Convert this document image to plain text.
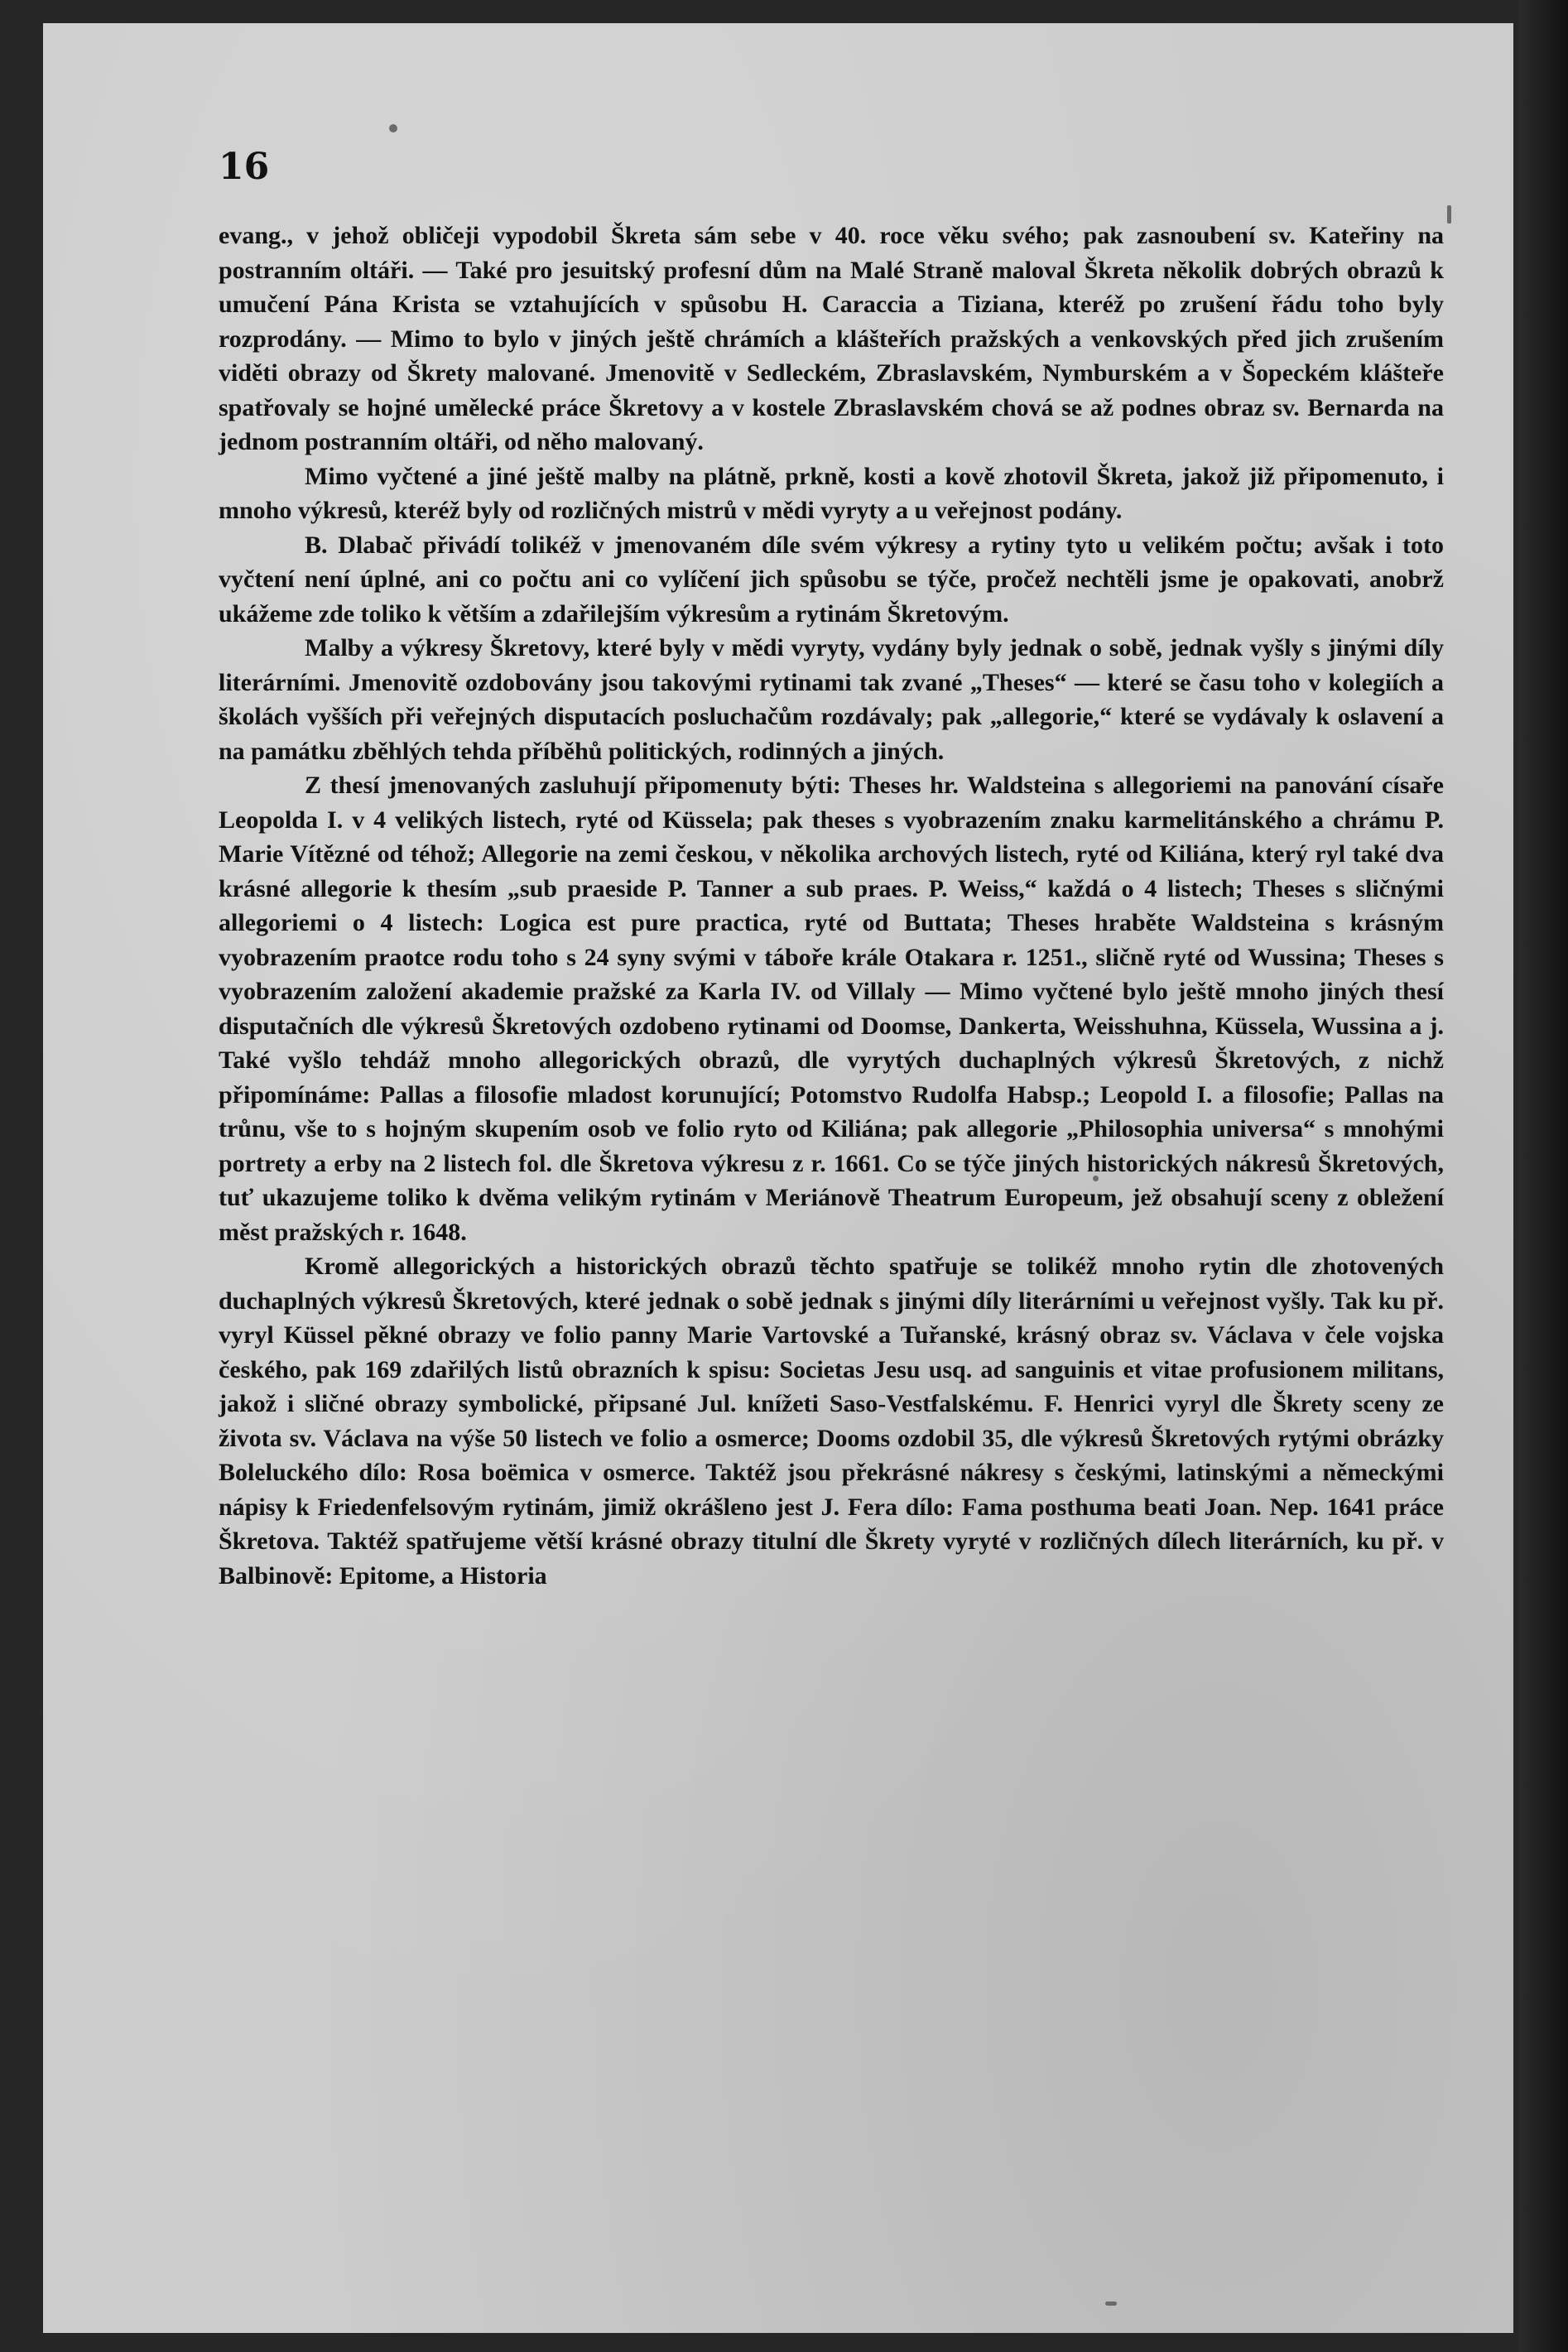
16

evang., v jehož obličeji vypodobil Škreta sám sebe v 40. roce věku svého; pak zasnoubení sv. Kateřiny na postranním oltáři. — Také pro jesuitský profesní dům na Malé Straně maloval Škreta několik dobrých obrazů k umučení Pána Krista se vztahujících v spůsobu H. Caraccia a Tiziana, kteréž po zrušení řádu toho byly rozprodány. — Mimo to bylo v jiných ještě chrámích a klášteřích pražských a venkovských před jich zrušením viděti obrazy od Škrety malované. Jmenovitě v Sedleckém, Zbraslavském, Nymburském a v Šopeckém klášteře spatřovaly se hojné umělecké práce Škretovy a v kostele Zbraslavském chová se až podnes obraz sv. Bernarda na jednom postranním oltáři, od něho malovaný.

Mimo vyčtené a jiné ještě malby na plátně, prkně, kosti a kově zhotovil Škreta, jakož již připomenuto, i mnoho výkresů, kteréž byly od rozličných mistrů v mědi vyryty a u veřejnost podány.

B. Dlabač přivádí tolikéž v jmenovaném díle svém výkresy a rytiny tyto u velikém počtu; avšak i toto vyčtení není úplné, ani co počtu ani co vylíčení jich spůsobu se týče, pročež nechtěli jsme je opakovati, anobrž ukážeme zde toliko k větším a zdařilejším výkresům a rytinám Škretovým.

Malby a výkresy Škretovy, které byly v mědi vyryty, vydány byly jednak o sobě, jednak vyšly s jinými díly literárními. Jmenovitě ozdobovány jsou takovými rytinami tak zvané „Theses“ — které se času toho v kolegiích a školách vyšších při veřejných disputacích posluchačům rozdávaly; pak „allegorie,“ které se vydávaly k oslavení a na památku zběhlých tehda příběhů politických, rodinných a jiných.

Z thesí jmenovaných zasluhují připomenuty býti: Theses hr. Waldsteina s allegoriemi na panování císaře Leopolda I. v 4 velikých listech, ryté od Küssela; pak theses s vyobrazením znaku karmelitánského a chrámu P. Marie Vítězné od téhož; Allegorie na zemi českou, v několika archových listech, ryté od Kiliána, který ryl také dva krásné allegorie k thesím „sub praeside P. Tanner a sub praes. P. Weiss,“ každá o 4 listech; Theses s sličnými allegoriemi o 4 listech: Logica est pure practica, ryté od Buttata; Theses hraběte Waldsteina s krásným vyobrazením praotce rodu toho s 24 syny svými v táboře krále Otakara r. 1251., sličně ryté od Wussina; Theses s vyobrazením založení akademie pražské za Karla IV. od Villaly — Mimo vyčtené bylo ještě mnoho jiných thesí disputačních dle výkresů Škretových ozdobeno rytinami od Doomse, Dankerta, Weisshuhna, Küssela, Wussina a j. Také vyšlo tehdáž mnoho allegorických obrazů, dle vyrytých duchaplných výkresů Škretových, z nichž připomínáme: Pallas a filosofie mladost korunující; Potomstvo Rudolfa Habsp.; Leopold I. a filosofie; Pallas na trůnu, vše to s hojným skupením osob ve folio ryto od Kiliána; pak allegorie „Philosophia universa“ s mnohými portrety a erby na 2 listech fol. dle Škretova výkresu z r. 1661. Co se týče jiných historických nákresů Škretových, tuť ukazujeme toliko k dvěma velikým rytinám v Meriánově Theatrum Europeum, jež obsahují sceny z obležení měst pražských r. 1648.

Kromě allegorických a historických obrazů těchto spatřuje se tolikéž mnoho rytin dle zhotovených duchaplných výkresů Škretových, které jednak o sobě jednak s jinými díly literárními u veřejnost vyšly. Tak ku př. vyryl Küssel pěkné obrazy ve folio panny Marie Vartovské a Tuřanské, krásný obraz sv. Václava v čele vojska českého, pak 169 zdařilých listů obrazních k spisu: Societas Jesu usq. ad sanguinis et vitae profusionem militans, jakož i sličné obrazy symbolické, připsané Jul. knížeti Saso-Vestfalskému. F. Henrici vyryl dle Škrety sceny ze života sv. Václava na výše 50 listech ve folio a osmerce; Dooms ozdobil 35, dle výkresů Škretových rytými obrázky Boleluckého dílo: Rosa boëmica v osmerce. Taktéž jsou překrásné nákresy s českými, latinskými a německými nápisy k Friedenfelsovým rytinám, jimiž okrášleno jest J. Fera dílo: Fama posthuma beati Joan. Nep. 1641 práce Škretova. Taktéž spatřujeme větší krásné obrazy titulní dle Škrety vyryté v rozličných dílech literárních, ku př. v Balbinově: Epitome, a Historia
